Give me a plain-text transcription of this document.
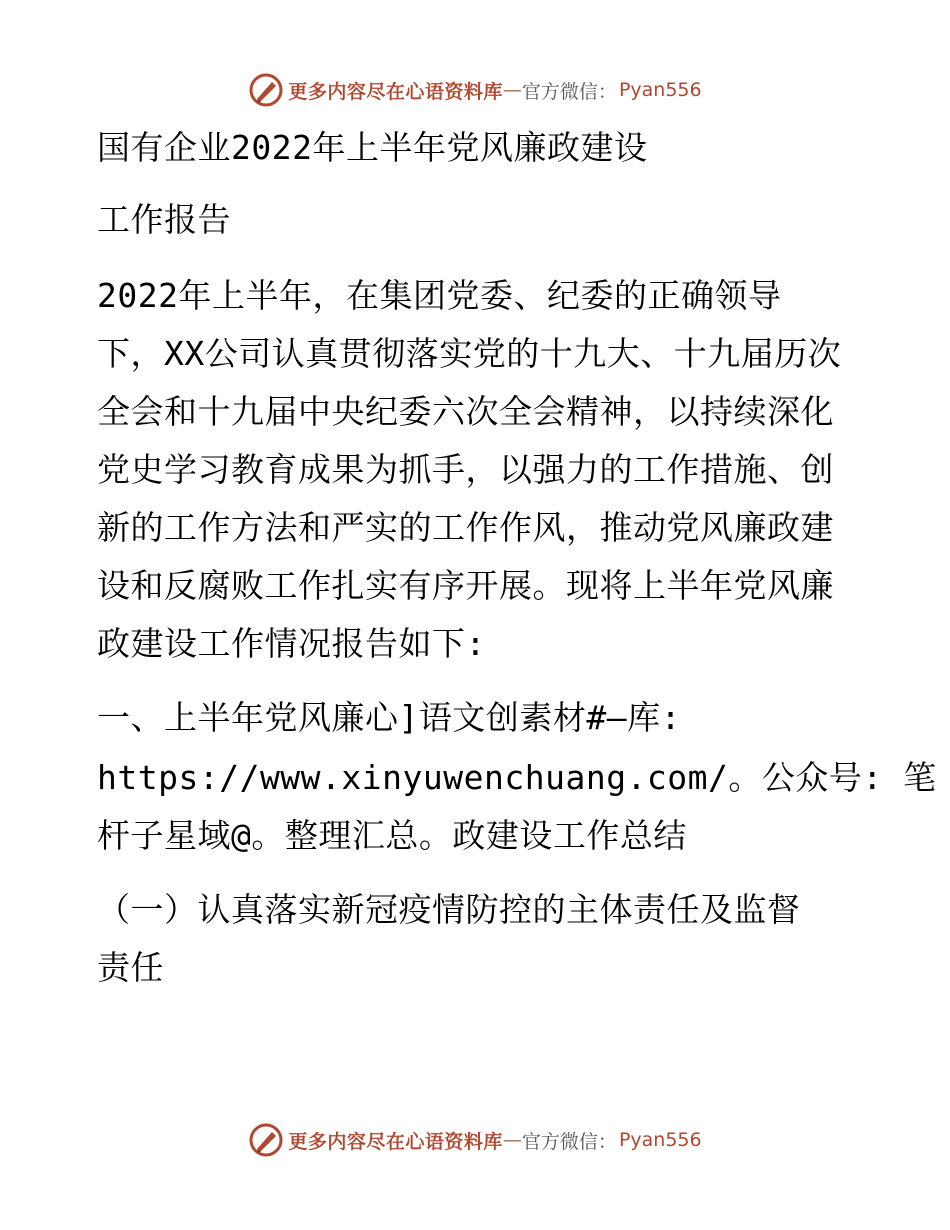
更多内容尽在心语资料库 — 官方微信： Pyan556
国有企业2022年上半年党风廉政建设
工作报告
2022年上半年，在集团党委、纪委的正确领导
下，XX公司认真贯彻落实党的十九大、十九届历次
全会和十九届中央纪委六次全会精神，以持续深化
党史学习教育成果为抓手，以强力的工作措施、创
新的工作方法和严实的工作作风，推动党风廉政建
设和反腐败工作扎实有序开展。现将上半年党风廉
政建设工作情况报告如下:
一、上半年党风廉心]语文创素材#—库:
https://www.xinyuwenchuang.com/。公众号: 笔
杆子星域@。整理汇总。政建设工作总结
（一）认真落实新冠疫情防控的主体责任及监督
责任
更多内容尽在心语资料库 — 官方微信： Pyan556
